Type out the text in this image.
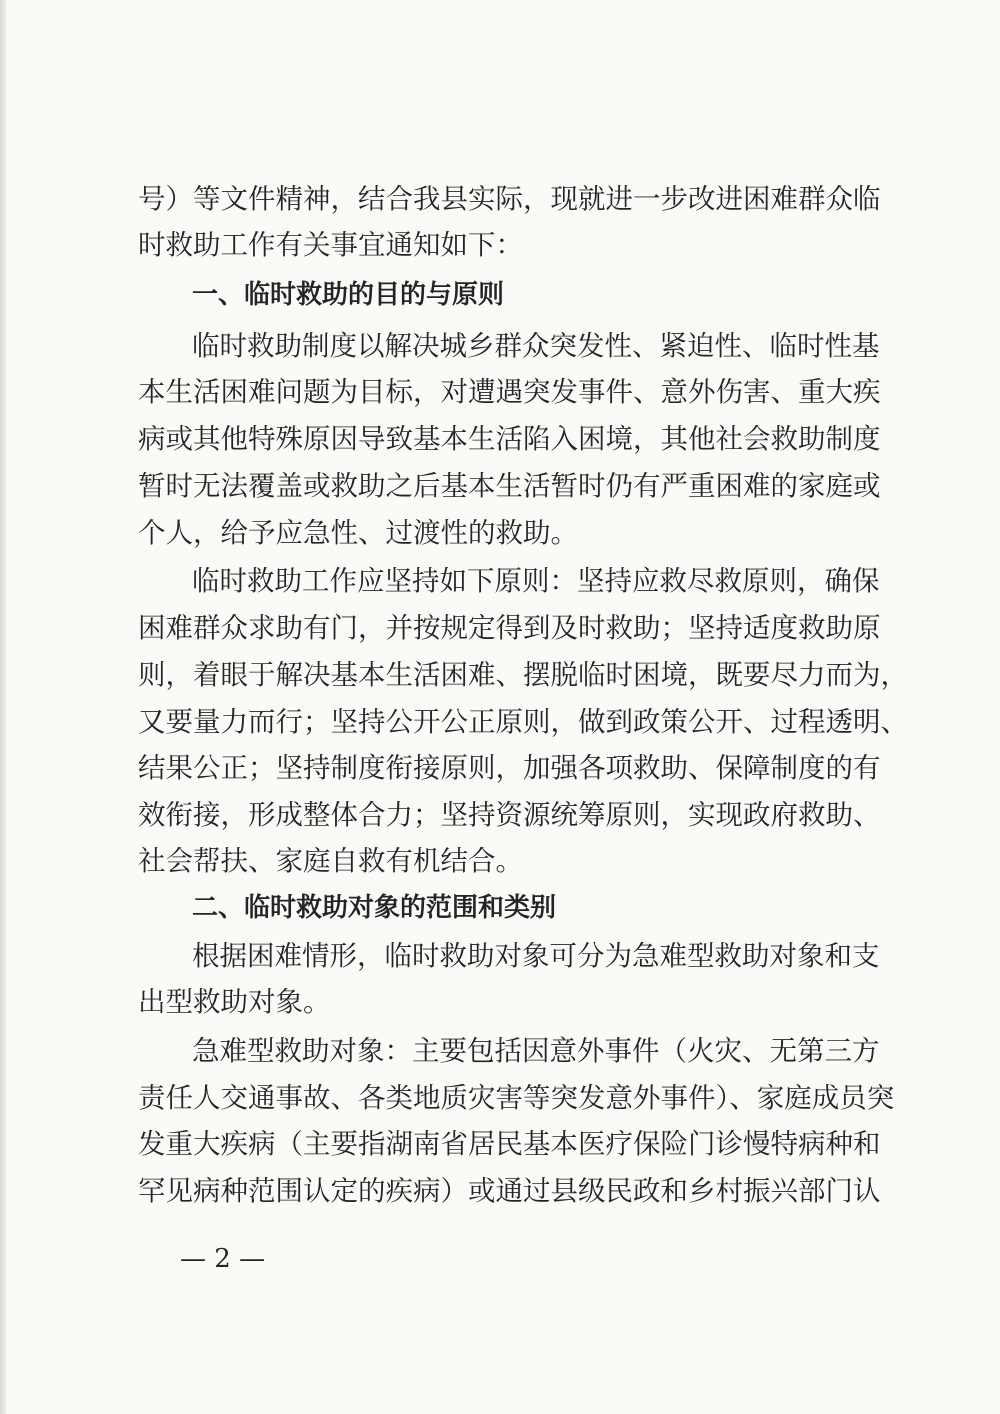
号）等文件精神，结合我县实际，现就进一步改进困难群众临
时救助工作有关事宜通知如下：
一、临时救助的目的与原则
临时救助制度以解决城乡群众突发性、紧迫性、临时性基
本生活困难问题为目标，对遭遇突发事件、意外伤害、重大疾
病或其他特殊原因导致基本生活陷入困境，其他社会救助制度
暂时无法覆盖或救助之后基本生活暂时仍有严重困难的家庭或
个人，给予应急性、过渡性的救助。
临时救助工作应坚持如下原则：坚持应救尽救原则，确保
困难群众求助有门，并按规定得到及时救助；坚持适度救助原
则，着眼于解决基本生活困难、摆脱临时困境，既要尽力而为，
又要量力而行；坚持公开公正原则，做到政策公开、过程透明、
结果公正；坚持制度衔接原则，加强各项救助、保障制度的有
效衔接，形成整体合力；坚持资源统筹原则，实现政府救助、
社会帮扶、家庭自救有机结合。
二、临时救助对象的范围和类别
根据困难情形，临时救助对象可分为急难型救助对象和支
出型救助对象。
急难型救助对象：主要包括因意外事件（火灾、无第三方
责任人交通事故、各类地质灾害等突发意外事件）、家庭成员突
发重大疾病（主要指湖南省居民基本医疗保险门诊慢特病种和
罕见病种范围认定的疾病）或通过县级民政和乡村振兴部门认
— 2 —
